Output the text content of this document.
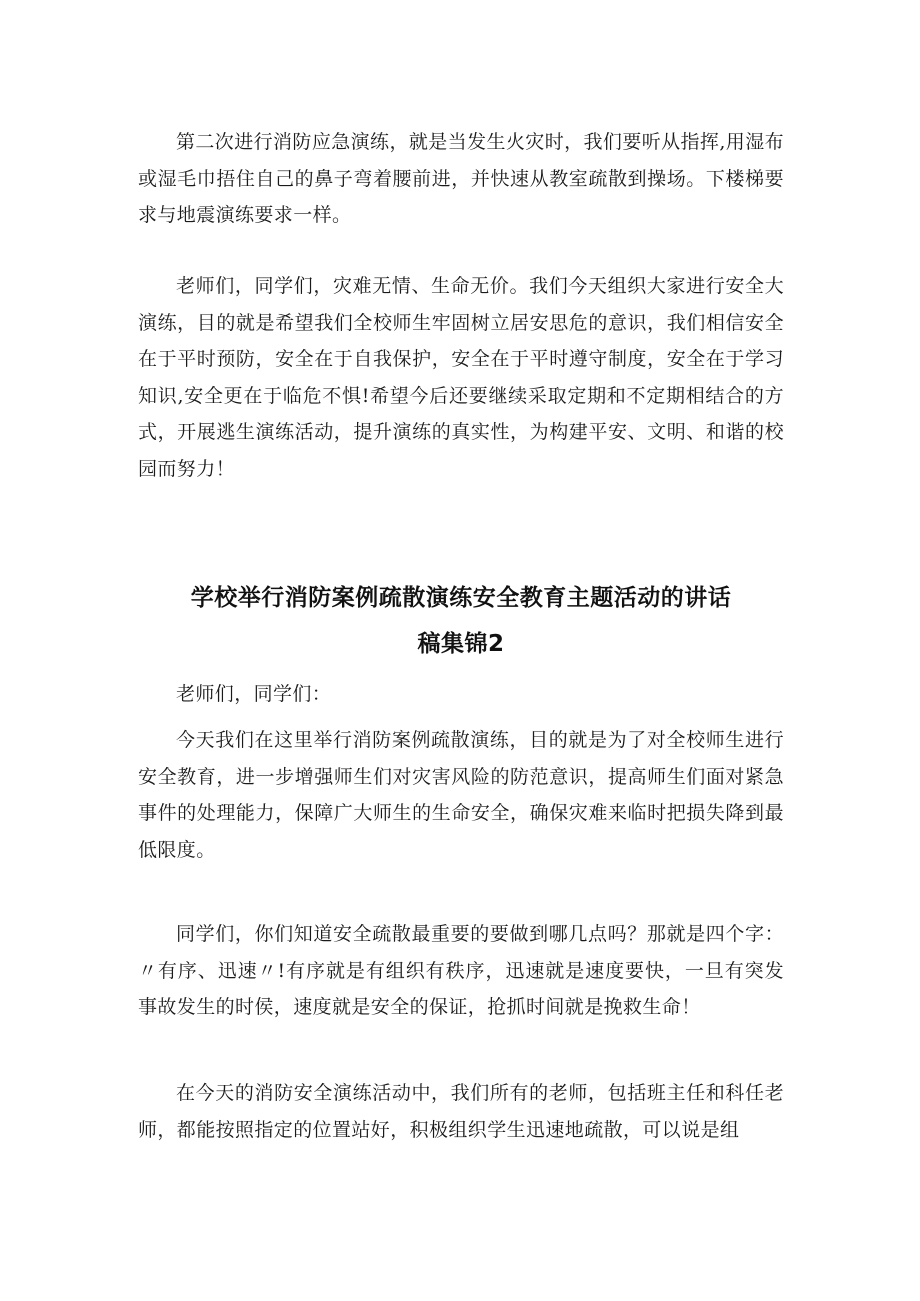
第二次进行消防应急演练，就是当发生火灾时，我们要听从指挥,用湿布或湿毛巾捂住自己的鼻子弯着腰前进，并快速从教室疏散到操场。下楼梯要求与地震演练要求一样。

老师们，同学们，灾难无情、生命无价。我们今天组织大家进行安全大演练，目的就是希望我们全校师生牢固树立居安思危的意识，我们相信安全在于平时预防，安全在于自我保护，安全在于平时遵守制度，安全在于学习知识,安全更在于临危不惧!希望今后还要继续采取定期和不定期相结合的方式，开展逃生演练活动，提升演练的真实性，为构建平安、文明、和谐的校园而努力！

学校举行消防案例疏散演练安全教育主题活动的讲话
稿集锦2

老师们，同学们：

今天我们在这里举行消防案例疏散演练，目的就是为了对全校师生进行安全教育，进一步增强师生们对灾害风险的防范意识，提高师生们面对紧急事件的处理能力，保障广大师生的生命安全，确保灾难来临时把损失降到最低限度。

同学们，你们知道安全疏散最重要的要做到哪几点吗？那就是四个字：〃有序、迅速〃!有序就是有组织有秩序，迅速就是速度要快，一旦有突发事故发生的时侯，速度就是安全的保证，抢抓时间就是挽救生命！

在今天的消防安全演练活动中，我们所有的老师，包括班主任和科任老师，都能按照指定的位置站好，积极组织学生迅速地疏散，可以说是组
